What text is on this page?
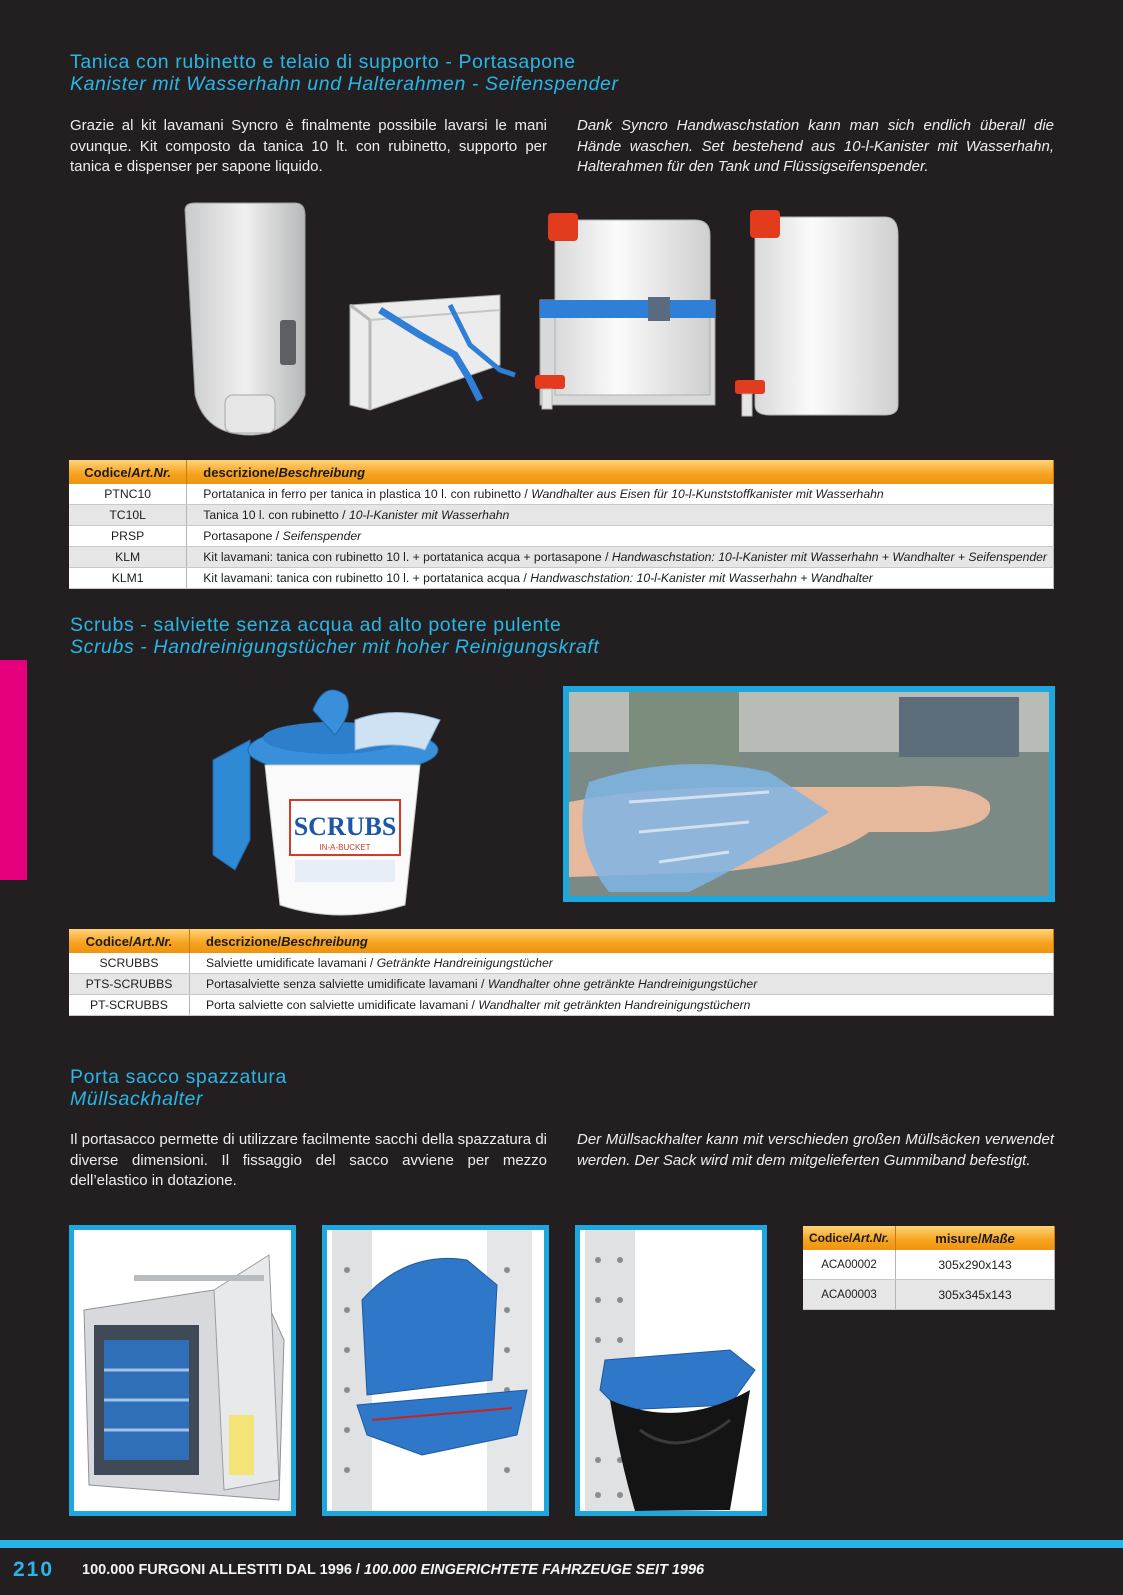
Tanica con rubinetto e telaio di supporto - Portasapone
Kanister mit Wasserhahn und Halterahmen - Seifenspender
Grazie al kit lavamani Syncro è finalmente possibile lavarsi le mani ovunque. Kit composto da tanica 10 lt. con rubinetto, supporto per tanica e dispenser per sapone liquido.
Dank Syncro Handwaschstation kann man sich endlich überall die Hände waschen. Set bestehend aus 10-l-Kanister mit Wasserhahn, Halterahmen für den Tank und Flüssigseifenspender.
Codice/Art.Nr.	descrizione/Beschreibung
PTNC10	Portatanica in ferro per tanica in plastica 10 l. con rubinetto / Wandhalter aus Eisen für 10-l-Kunststoffkanister mit Wasserhahn
TC10L	Tanica 10 l. con rubinetto / 10-l-Kanister mit Wasserhahn
PRSP	Portasapone / Seifenspender
KLM	Kit lavamani: tanica con rubinetto 10 l. + portatanica acqua + portasapone / Handwaschstation: 10-l-Kanister mit Wasserhahn + Wandhalter + Seifenspender
KLM1	Kit lavamani: tanica con rubinetto 10 l. + portatanica acqua / Handwaschstation: 10-l-Kanister mit Wasserhahn + Wandhalter
Scrubs - salviette senza acqua ad alto potere pulente
Scrubs - Handreinigungstücher mit hoher Reinigungskraft
SCRUBS
IN-A-BUCKET
Codice/Art.Nr.	descrizione/Beschreibung
SCRUBBS	Salviette umidificate lavamani / Getränkte Handreinigungstücher
PTS-SCRUBBS	Portasalviette senza salviette umidificate lavamani / Wandhalter ohne getränkte Handreinigungstücher
PT-SCRUBBS	Porta salviette con salviette umidificate lavamani / Wandhalter mit getränkten Handreinigungstüchern
Porta sacco spazzatura
Müllsackhalter
Il portasacco permette di utilizzare facilmente sacchi della spazzatura di diverse dimensioni. Il fissaggio del sacco avviene per mezzo dell’elastico in dotazione.
Der Müllsackhalter kann mit verschieden großen Müllsäcken verwendet werden. Der Sack wird mit dem mitgelieferten Gummiband befestigt.
Codice/Art.Nr.	misure/Maße
ACA00002	305x290x143
ACA00003	305x345x143
210 100.000 FURGONI ALLESTITI DAL 1996 / 100.000 EINGERICHTETE FAHRZEUGE SEIT 1996
